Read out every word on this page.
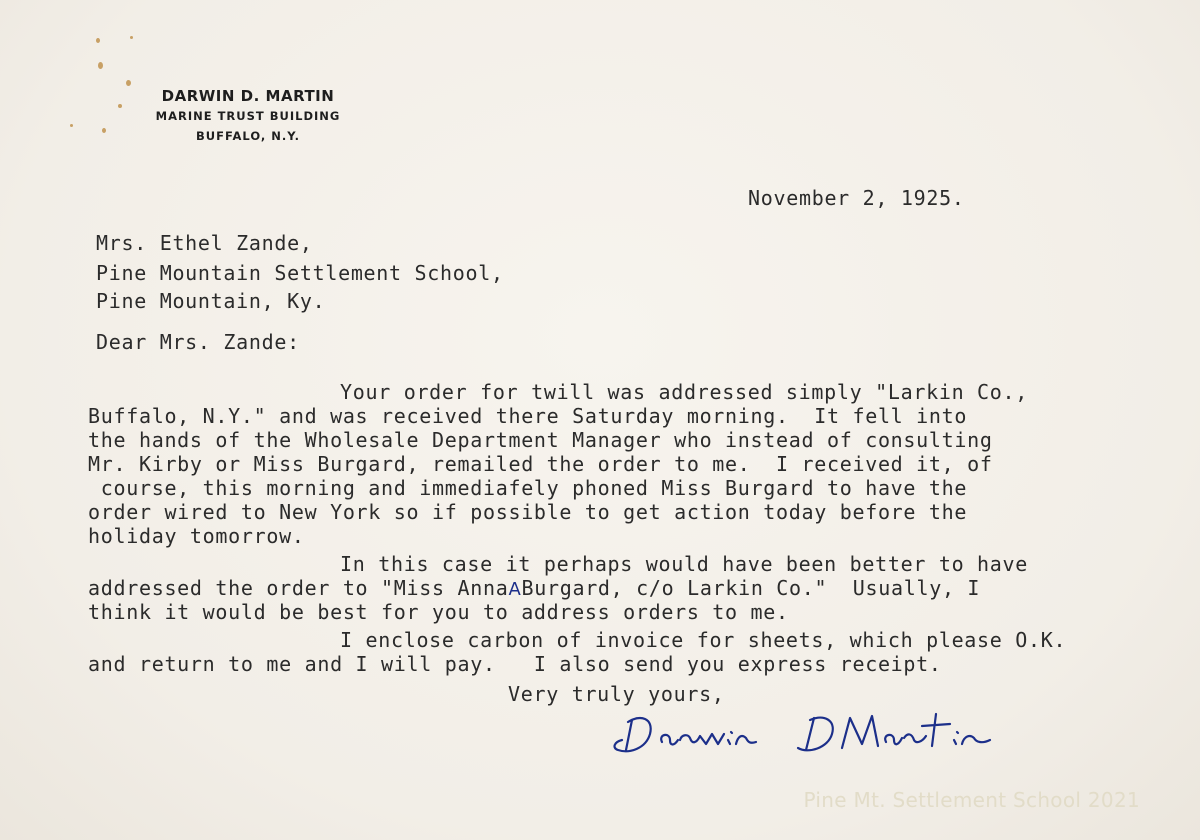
DARWIN D. MARTIN
MARINE TRUST BUILDING
BUFFALO, N.Y.
November 2, 1925.
Mrs. Ethel Zande,
Pine Mountain Settlement School,
Pine Mountain, Ky.
Dear Mrs. Zande:
Your order for twill was addressed simply "Larkin Co.,
Buffalo, N.Y." and was received there Saturday morning.  It fell into
the hands of the Wholesale Department Manager who instead of consulting
Mr. Kirby or Miss Burgard, remailed the order to me.  I received it, of
course, this morning and immediafely phoned Miss Burgard to have the
order wired to New York so if possible to get action today before the
holiday tomorrow.
In this case it perhaps would have been better to have
addressed the order to "Miss AnnaABurgard, c/o Larkin Co."  Usually, I
think it would be best for you to address orders to me.
I enclose carbon of invoice for sheets, which please O.K.
and return to me and I will pay.   I also send you express receipt.
Very truly yours,
Pine Mt. Settlement School 2021
